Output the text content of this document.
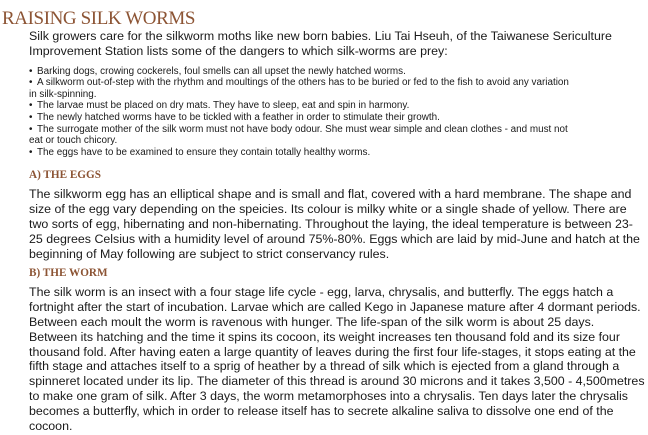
RAISING SILK WORMS

Silk growers care for the silkworm moths like new born babies. Liu Tai Hseuh, of the Taiwanese Sericulture Improvement Station lists some of the dangers to which silk-worms are prey:

• Barking dogs, crowing cockerels, foul smells can all upset the newly hatched worms.
• A silkworm out-of-step with the rhythm and moultings of the others has to be buried or fed to the fish to avoid any variation
in silk-spinning.
• The larvae must be placed on dry mats. They have to sleep, eat and spin in harmony.
• The newly hatched worms have to be tickled with a feather in order to stimulate their growth.
• The surrogate mother of the silk worm must not have body odour. She must wear simple and clean clothes - and must not
eat or touch chicory.
• The eggs have to be examined to ensure they contain totally healthy worms.
A) THE EGGS

The silkworm egg has an elliptical shape and is small and flat, covered with a hard membrane. The shape and size of the egg vary depending on the speicies. Its colour is milky white or a single shade of yellow. There are two sorts of egg, hibernating and non-hibernating. Throughout the laying, the ideal temperature is between 23- 25 degrees Celsius with a humidity level of around 75%-80%. Eggs which are laid by mid-June and hatch at the beginning of May following are subject to strict conservancy rules.

B) THE WORM

The silk worm is an insect with a four stage life cycle - egg, larva, chrysalis, and butterfly. The eggs hatch a fortnight after the start of incubation. Larvae which are called Kego in Japanese mature after 4 dormant periods. Between each moult the worm is ravenous with hunger. The life-span of the silk worm is about 25 days. Between its hatching and the time it spins its cocoon, its weight increases ten thousand fold and its size four thousand fold. After having eaten a large quantity of leaves during the first four life-stages, it stops eating at the fifth stage and attaches itself to a sprig of heather by a thread of silk which is ejected from a gland through a spinneret located under its lip. The diameter of this thread is around 30 microns and it takes 3,500 - 4,500metres to make one gram of silk. After 3 days, the worm metamorphoses into a chrysalis. Ten days later the chrysalis becomes a butterfly, which in order to release itself has to secrete alkaline saliva to dissolve one end of the cocoon.
